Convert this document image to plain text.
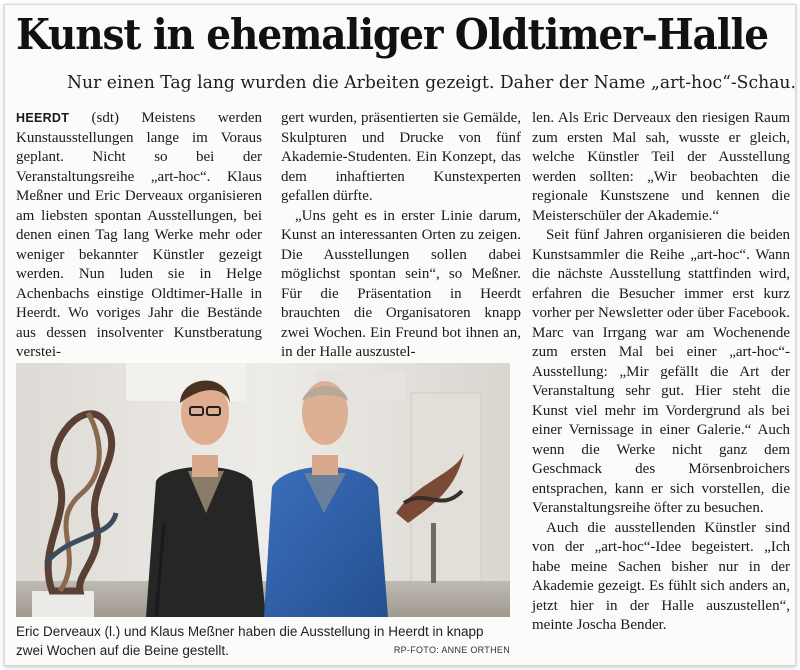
Kunst in ehemaliger Oldtimer-Halle
Nur einen Tag lang wurden die Arbeiten gezeigt. Daher der Name „art-hoc“-Schau.

HEERDT (sdt) Meistens werden Kunstausstellungen lange im Voraus geplant. Nicht so bei der Veranstaltungsreihe „art-hoc“. Klaus Meßner und Eric Derveaux organisieren am liebsten spontan Ausstellungen, bei denen einen Tag lang Werke mehr oder weniger bekannter Künstler gezeigt werden. Nun luden sie in Helge Achenbachs einstige Oldtimer-Halle in Heerdt. Wo voriges Jahr die Bestände aus dessen insolventer Kunstberatung verstei-

gert wurden, präsentierten sie Gemälde, Skulpturen und Drucke von fünf Akademie-Studenten. Ein Konzept, das dem inhaftierten Kunstexperten gefallen dürfte.

„Uns geht es in erster Linie darum, Kunst an interessanten Orten zu zeigen. Die Ausstellungen sollen dabei möglichst spontan sein“, so Meßner. Für die Präsentation in Heerdt brauchten die Organisatoren knapp zwei Wochen. Ein Freund bot ihnen an, in der Halle auszustel-

len. Als Eric Derveaux den riesigen Raum zum ersten Mal sah, wusste er gleich, welche Künstler Teil der Ausstellung werden sollten: „Wir beobachten die regionale Kunstszene und kennen die Meisterschüler der Akademie.“

Seit fünf Jahren organisieren die beiden Kunstsammler die Reihe „art-hoc“. Wann die nächste Ausstellung stattfinden wird, erfahren die Besucher immer erst kurz vorher per Newsletter oder über Facebook. Marc van Irrgang war am Wochenende zum ersten Mal bei einer „art-hoc“-Ausstellung: „Mir gefällt die Art der Veranstaltung sehr gut. Hier steht die Kunst viel mehr im Vordergrund als bei einer Vernissage in einer Galerie.“ Auch wenn die Werke nicht ganz dem Geschmack des Mörsenbroichers entsprachen, kann er sich vorstellen, die Veranstaltungsreihe öfter zu besuchen.

Auch die ausstellenden Künstler sind von der „art-hoc“-Idee begeistert. „Ich habe meine Sachen bisher nur in der Akademie gezeigt. Es fühlt sich anders an, jetzt hier in der Halle auszustellen“, meinte Joscha Bender.

Eric Derveaux (l.) und Klaus Meßner haben die Ausstellung in Heerdt in knapp zwei Wochen auf die Beine gestellt.	RP-FOTO: ANNE ORTHEN
